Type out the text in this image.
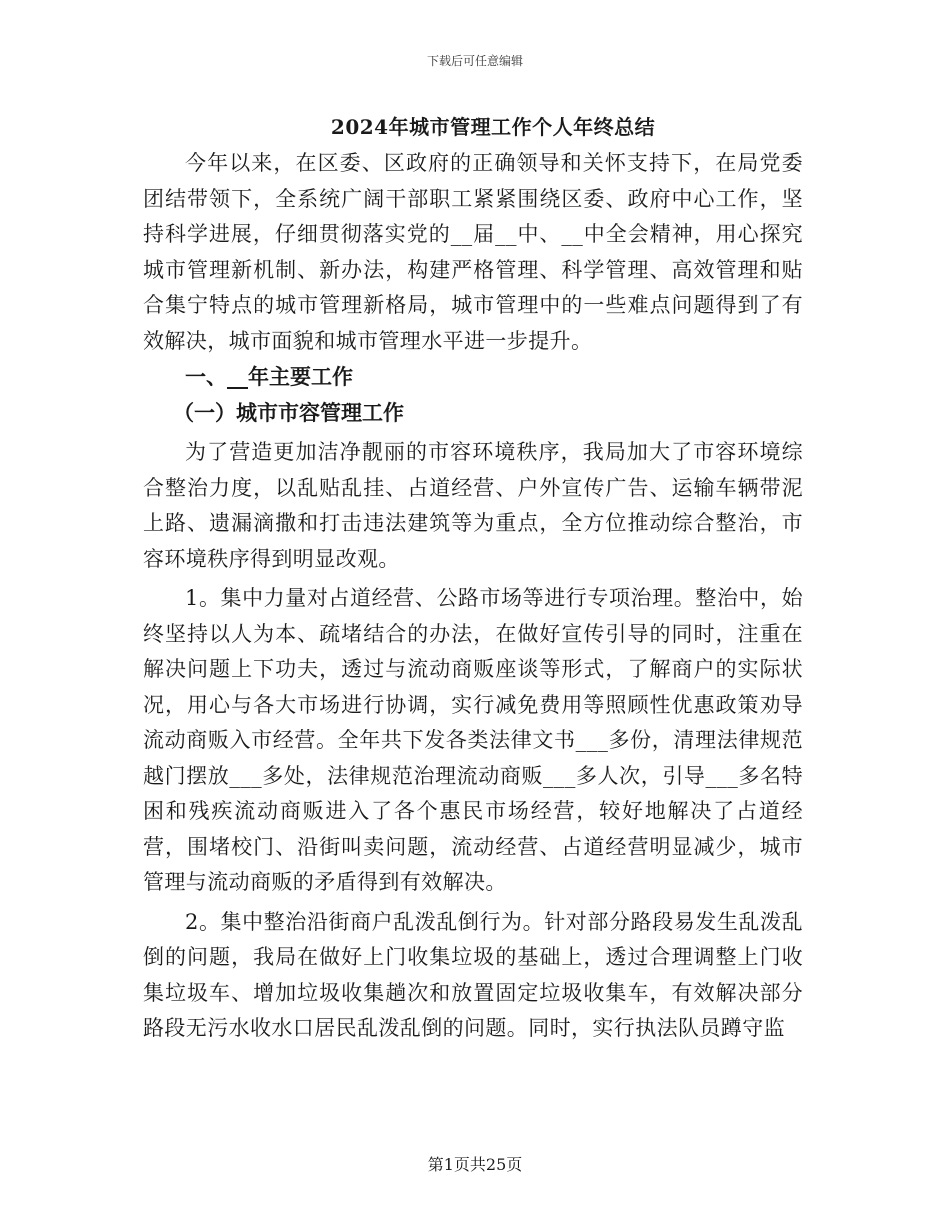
下载后可任意编辑
2024年城市管理工作个人年终总结

今年以来，在区委、区政府的正确领导和关怀支持下，在局党委团结带领下，全系统广阔干部职工紧紧围绕区委、政府中心工作，坚持科学进展，仔细贯彻落实党的__届__中、__中全会精神，用心探究城市管理新机制、新办法，构建严格管理、科学管理、高效管理和贴合集宁特点的城市管理新格局，城市管理中的一些难点问题得到了有效解决，城市面貌和城市管理水平进一步提升。

一、__年主要工作

（一）城市市容管理工作

为了营造更加洁净靓丽的市容环境秩序，我局加大了市容环境综合整治力度，以乱贴乱挂、占道经营、户外宣传广告、运输车辆带泥上路、遗漏滴撒和打击违法建筑等为重点，全方位推动综合整治，市容环境秩序得到明显改观。

1。集中力量对占道经营、公路市场等进行专项治理。整治中，始终坚持以人为本、疏堵结合的办法，在做好宣传引导的同时，注重在解决问题上下功夫，透过与流动商贩座谈等形式，了解商户的实际状况，用心与各大市场进行协调，实行减免费用等照顾性优惠政策劝导流动商贩入市经营。全年共下发各类法律文书___多份，清理法律规范越门摆放___多处，法律规范治理流动商贩___多人次，引导___多名特困和残疾流动商贩进入了各个惠民市场经营，较好地解决了占道经营，围堵校门、沿街叫卖问题，流动经营、占道经营明显减少，城市管理与流动商贩的矛盾得到有效解决。

2。集中整治沿街商户乱泼乱倒行为。针对部分路段易发生乱泼乱倒的问题，我局在做好上门收集垃圾的基础上，透过合理调整上门收集垃圾车、增加垃圾收集趟次和放置固定垃圾收集车，有效解决部分路段无污水收水口居民乱泼乱倒的问题。同时，实行执法队员蹲守监

第1页共25页
